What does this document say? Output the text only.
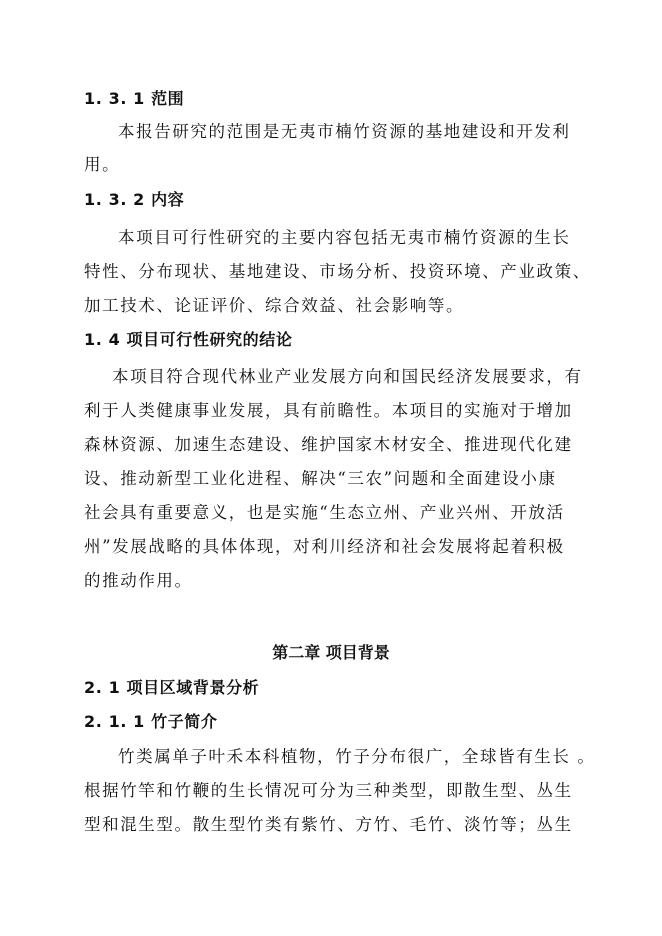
1. 3. 1 范围
本报告研究的范围是无夷市楠竹资源的基地建设和开发利
用。
1. 3. 2 内容
本项目可行性研究的主要内容包括无夷市楠竹资源的生长
特性、分布现状、基地建设、市场分析、投资环境、产业政策、
加工技术、论证评价、综合效益、社会影响等。
1. 4 项目可行性研究的结论
本项目符合现代林业产业发展方向和国民经济发展要求，有
利于人类健康事业发展，具有前瞻性。本项目的实施对于增加
森林资源、加速生态建设、维护国家木材安全、推进现代化建
设、推动新型工业化进程、解决“三农”问题和全面建设小康
社会具有重要意义，也是实施“生态立州、产业兴州、开放活
州”发展战略的具体体现，对利川经济和社会发展将起着积极
的推动作用。
第二章 项目背景
2. 1 项目区域背景分析
2. 1. 1 竹子简介
竹类属单子叶禾本科植物，竹子分布很广，全球皆有生长 。
根据竹竿和竹鞭的生长情况可分为三种类型，即散生型、丛生
型和混生型。散生型竹类有紫竹、方竹、毛竹、淡竹等；丛生
